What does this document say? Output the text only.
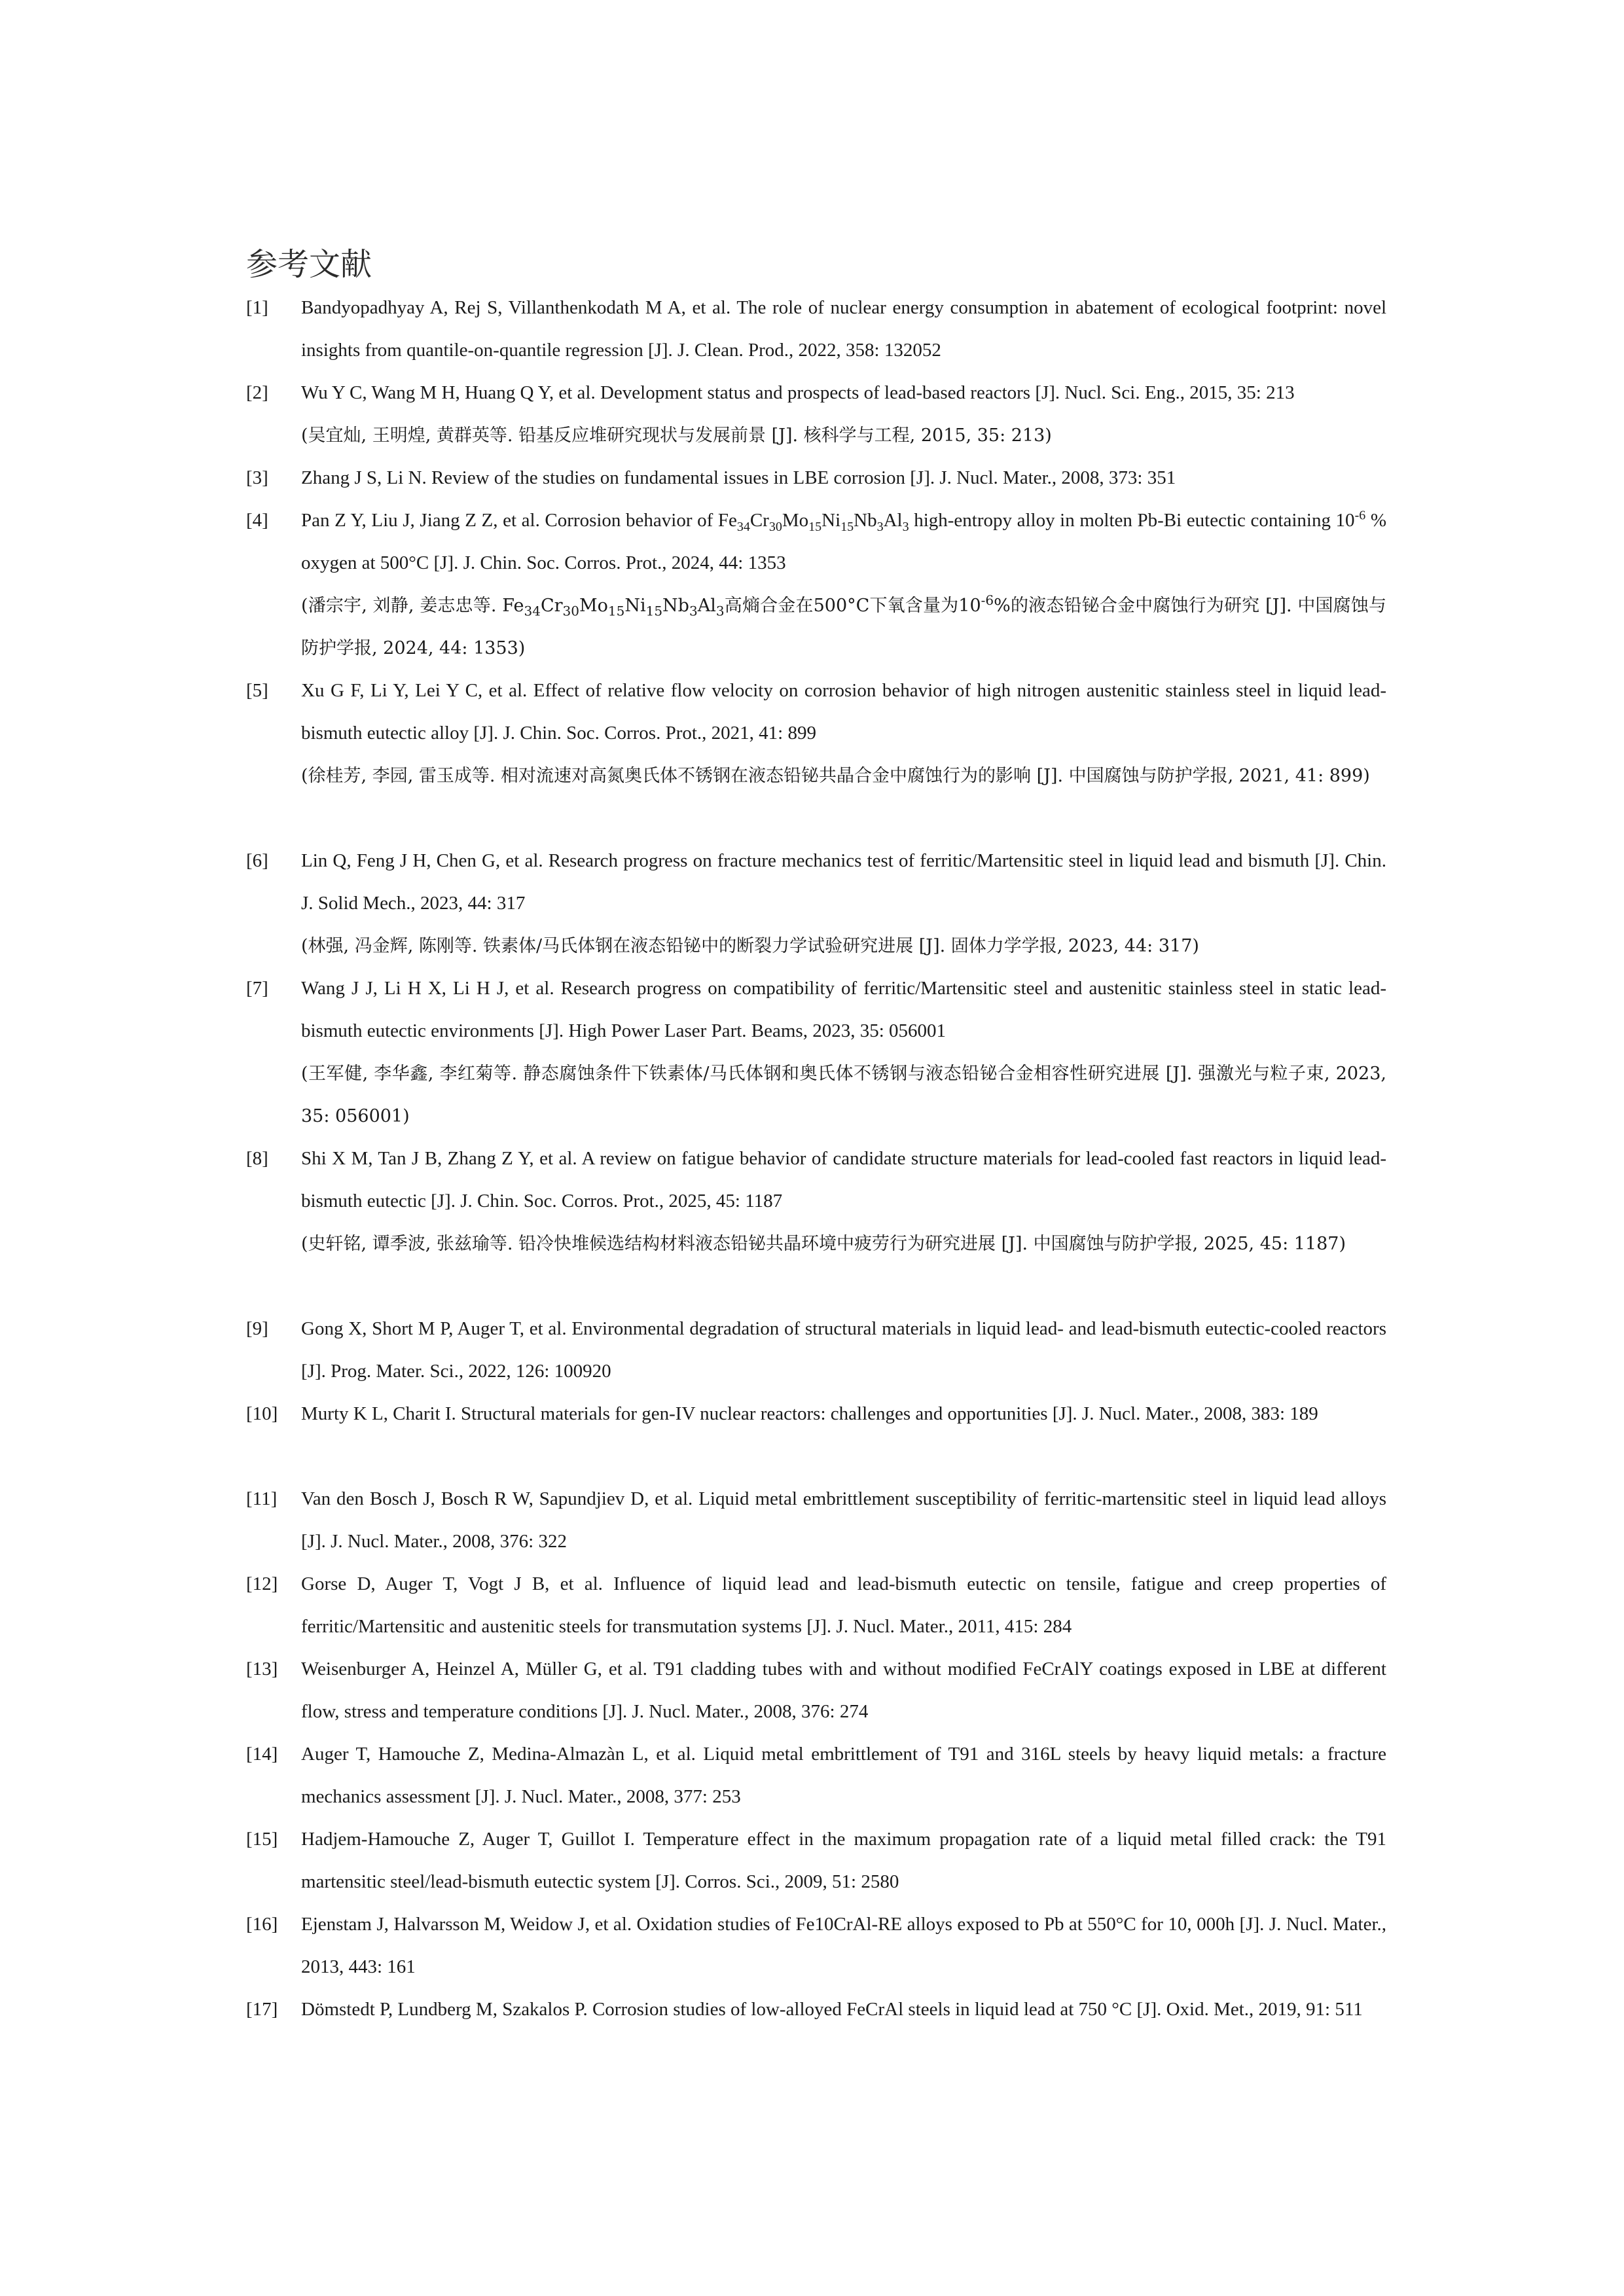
参考文献
[1] Bandyopadhyay A, Rej S, Villanthenkodath M A, et al. The role of nuclear energy consumption in abatement of ecological footprint: novel insights from quantile-on-quantile regression [J]. J. Clean. Prod., 2022, 358: 132052

[2] Wu Y C, Wang M H, Huang Q Y, et al. Development status and prospects of lead-based reactors [J]. Nucl. Sci. Eng., 2015, 35: 213

(吴宜灿, 王明煌, 黄群英等. 铅基反应堆研究现状与发展前景 [J]. 核科学与工程, 2015, 35: 213)

[3] Zhang J S, Li N. Review of the studies on fundamental issues in LBE corrosion [J]. J. Nucl. Mater., 2008, 373: 351

[4] Pan Z Y, Liu J, Jiang Z Z, et al. Corrosion behavior of $Fe_{34}Cr_{30}Mo_{15}Ni_{15}Nb_3Al_3$ high-entropy alloy in molten Pb-Bi eutectic containing $10^{-6}$ % oxygen at 500°C [J]. J. Chin. Soc. Corros. Prot., 2024, 44: 1353

(潘宗宇, 刘静, 姜志忠等. $Fe_{34}Cr_{30}Mo_{15}Ni_{15}Nb_3Al_3$高熵合金在500°C下氧含量为$10^{-6}\%$的液态铅铋合金中腐蚀行为研究 [J]. 中国腐蚀与防护学报, 2024, 44: 1353)

[5] Xu G F, Li Y, Lei Y C, et al. Effect of relative flow velocity on corrosion behavior of high nitrogen austenitic stainless steel in liquid lead-bismuth eutectic alloy [J]. J. Chin. Soc. Corros. Prot., 2021, 41: 899

(徐桂芳, 李园, 雷玉成等. 相对流速对高氮奥氏体不锈钢在液态铅铋共晶合金中腐蚀行为的影响 [J]. 中国腐蚀与防护学报, 2021, 41: 899)

[6] Lin Q, Feng J H, Chen G, et al. Research progress on fracture mechanics test of ferritic/Martensitic steel in liquid lead and bismuth [J]. Chin. J. Solid Mech., 2023, 44: 317

(林强, 冯金辉, 陈刚等. 铁素体/马氏体钢在液态铅铋中的断裂力学试验研究进展 [J]. 固体力学学报, 2023, 44: 317)

[7] Wang J J, Li H X, Li H J, et al. Research progress on compatibility of ferritic/Martensitic steel and austenitic stainless steel in static lead-bismuth eutectic environments [J]. High Power Laser Part. Beams, 2023, 35: 056001

(王军健, 李华鑫, 李红菊等. 静态腐蚀条件下铁素体/马氏体钢和奥氏体不锈钢与液态铅铋合金相容性研究进展 [J]. 强激光与粒子束, 2023, 35: 056001)

[8] Shi X M, Tan J B, Zhang Z Y, et al. A review on fatigue behavior of candidate structure materials for lead-cooled fast reactors in liquid lead-bismuth eutectic [J]. J. Chin. Soc. Corros. Prot., 2025, 45: 1187

(史轩铭, 谭季波, 张兹瑜等. 铅冷快堆候选结构材料液态铅铋共晶环境中疲劳行为研究进展 [J]. 中国腐蚀与防护学报, 2025, 45: 1187)

[9] Gong X, Short M P, Auger T, et al. Environmental degradation of structural materials in liquid lead- and lead-bismuth eutectic-cooled reactors [J]. Prog. Mater. Sci., 2022, 126: 100920

[10] Murty K L, Charit I. Structural materials for gen-IV nuclear reactors: challenges and opportunities [J]. J. Nucl. Mater., 2008, 383: 189

[11] Van den Bosch J, Bosch R W, Sapundjiev D, et al. Liquid metal embrittlement susceptibility of ferritic-martensitic steel in liquid lead alloys [J]. J. Nucl. Mater., 2008, 376: 322

[12] Gorse D, Auger T, Vogt J B, et al. Influence of liquid lead and lead-bismuth eutectic on tensile, fatigue and creep properties of ferritic/Martensitic and austenitic steels for transmutation systems [J]. J. Nucl. Mater., 2011, 415: 284

[13] Weisenburger A, Heinzel A, Müller G, et al. T91 cladding tubes with and without modified FeCrAlY coatings exposed in LBE at different flow, stress and temperature conditions [J]. J. Nucl. Mater., 2008, 376: 274

[14] Auger T, Hamouche Z, Medina-Almazàn L, et al. Liquid metal embrittlement of T91 and 316L steels by heavy liquid metals: a fracture mechanics assessment [J]. J. Nucl. Mater., 2008, 377: 253

[15] Hadjem-Hamouche Z, Auger T, Guillot I. Temperature effect in the maximum propagation rate of a liquid metal filled crack: the T91 martensitic steel/lead-bismuth eutectic system [J]. Corros. Sci., 2009, 51: 2580

[16] Ejenstam J, Halvarsson M, Weidow J, et al. Oxidation studies of Fe10CrAl-RE alloys exposed to Pb at 550°C for 10, 000h [J]. J. Nucl. Mater., 2013, 443: 161

[17] Dömstedt P, Lundberg M, Szakalos P. Corrosion studies of low-alloyed FeCrAl steels in liquid lead at 750 °C [J]. Oxid. Met., 2019, 91: 511
